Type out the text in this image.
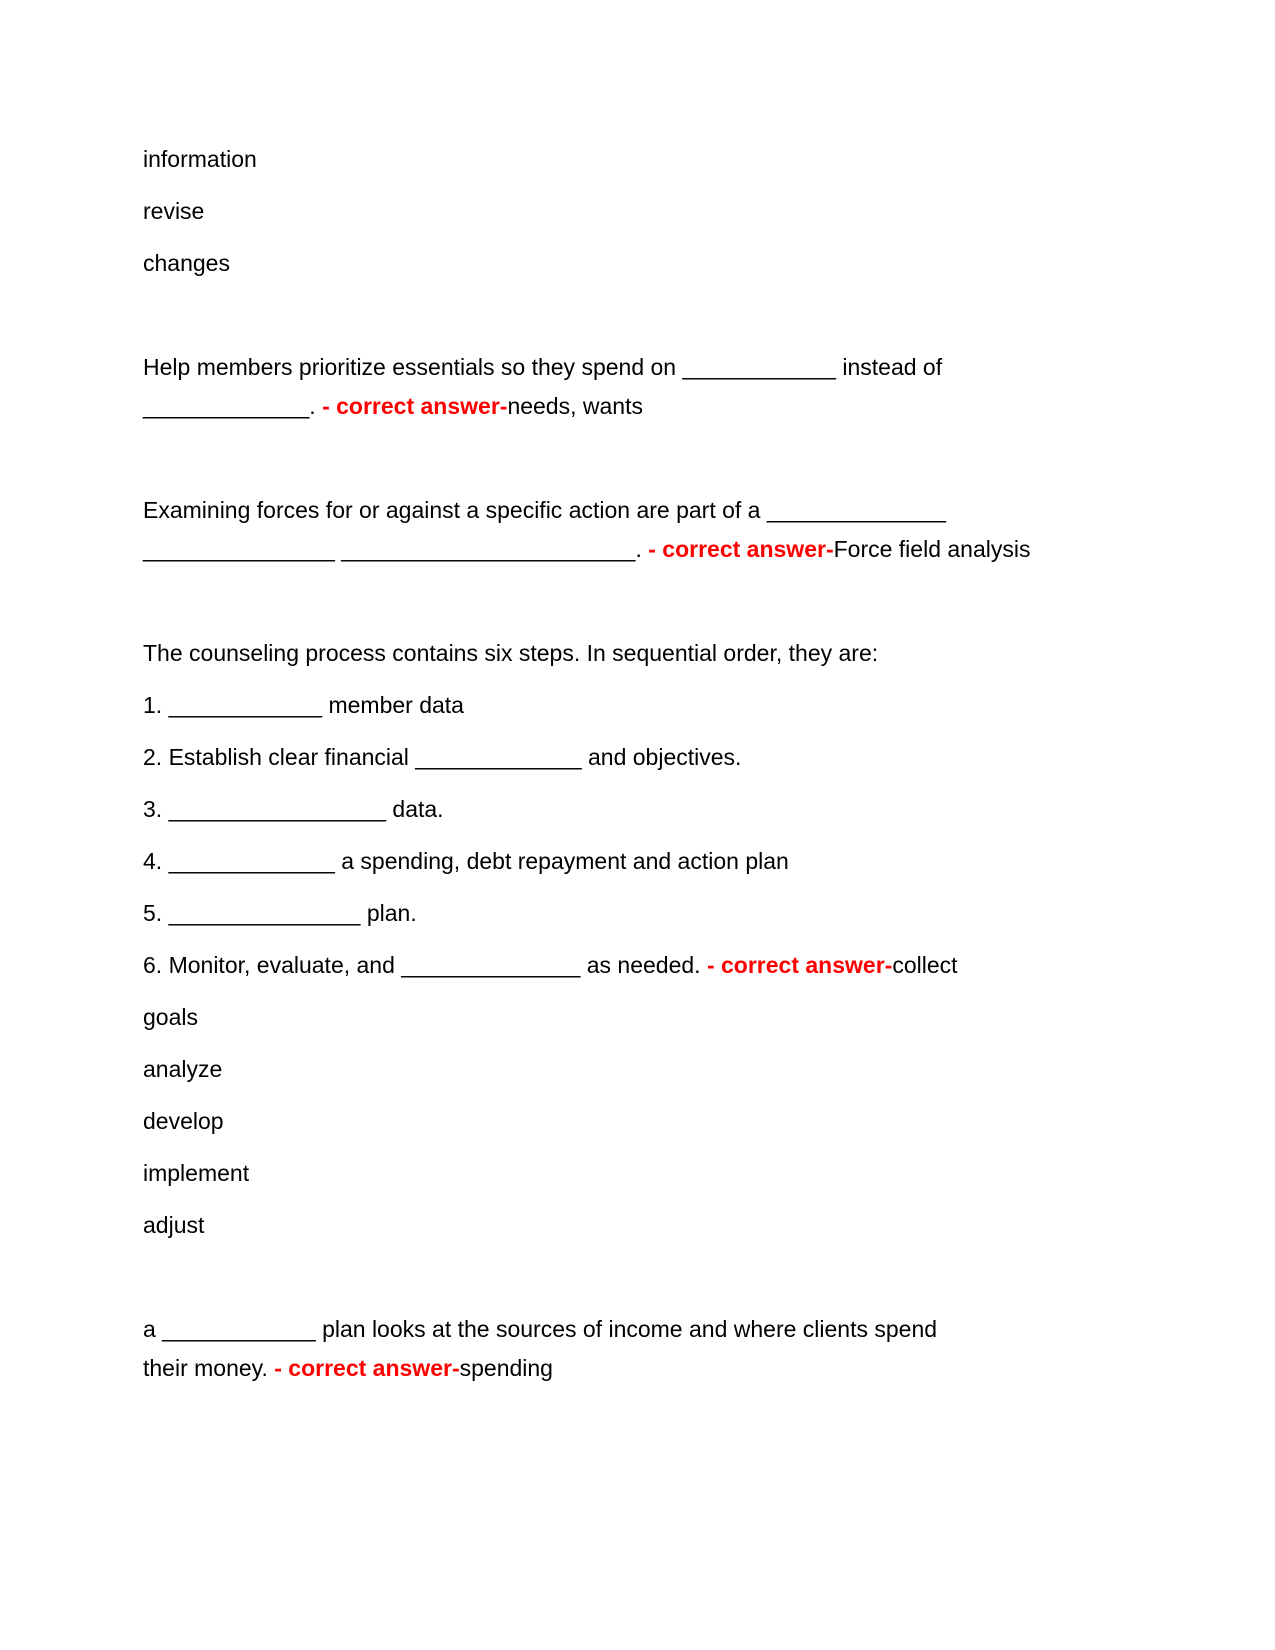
information

revise

changes

Help members prioritize essentials so they spend on ____________ instead of
_____________. - correct answer-needs, wants

Examining forces for or against a specific action are part of a ______________
_______________ _______________________. - correct answer-Force field analysis

The counseling process contains six steps. In sequential order, they are:

1. ____________ member data

2. Establish clear financial _____________ and objectives.

3. _________________ data.

4. _____________ a spending, debt repayment and action plan

5. _______________ plan.

6. Monitor, evaluate, and ______________ as needed. - correct answer-collect

goals

analyze

develop

implement

adjust

a ____________ plan looks at the sources of income and where clients spend
their money. - correct answer-spending
